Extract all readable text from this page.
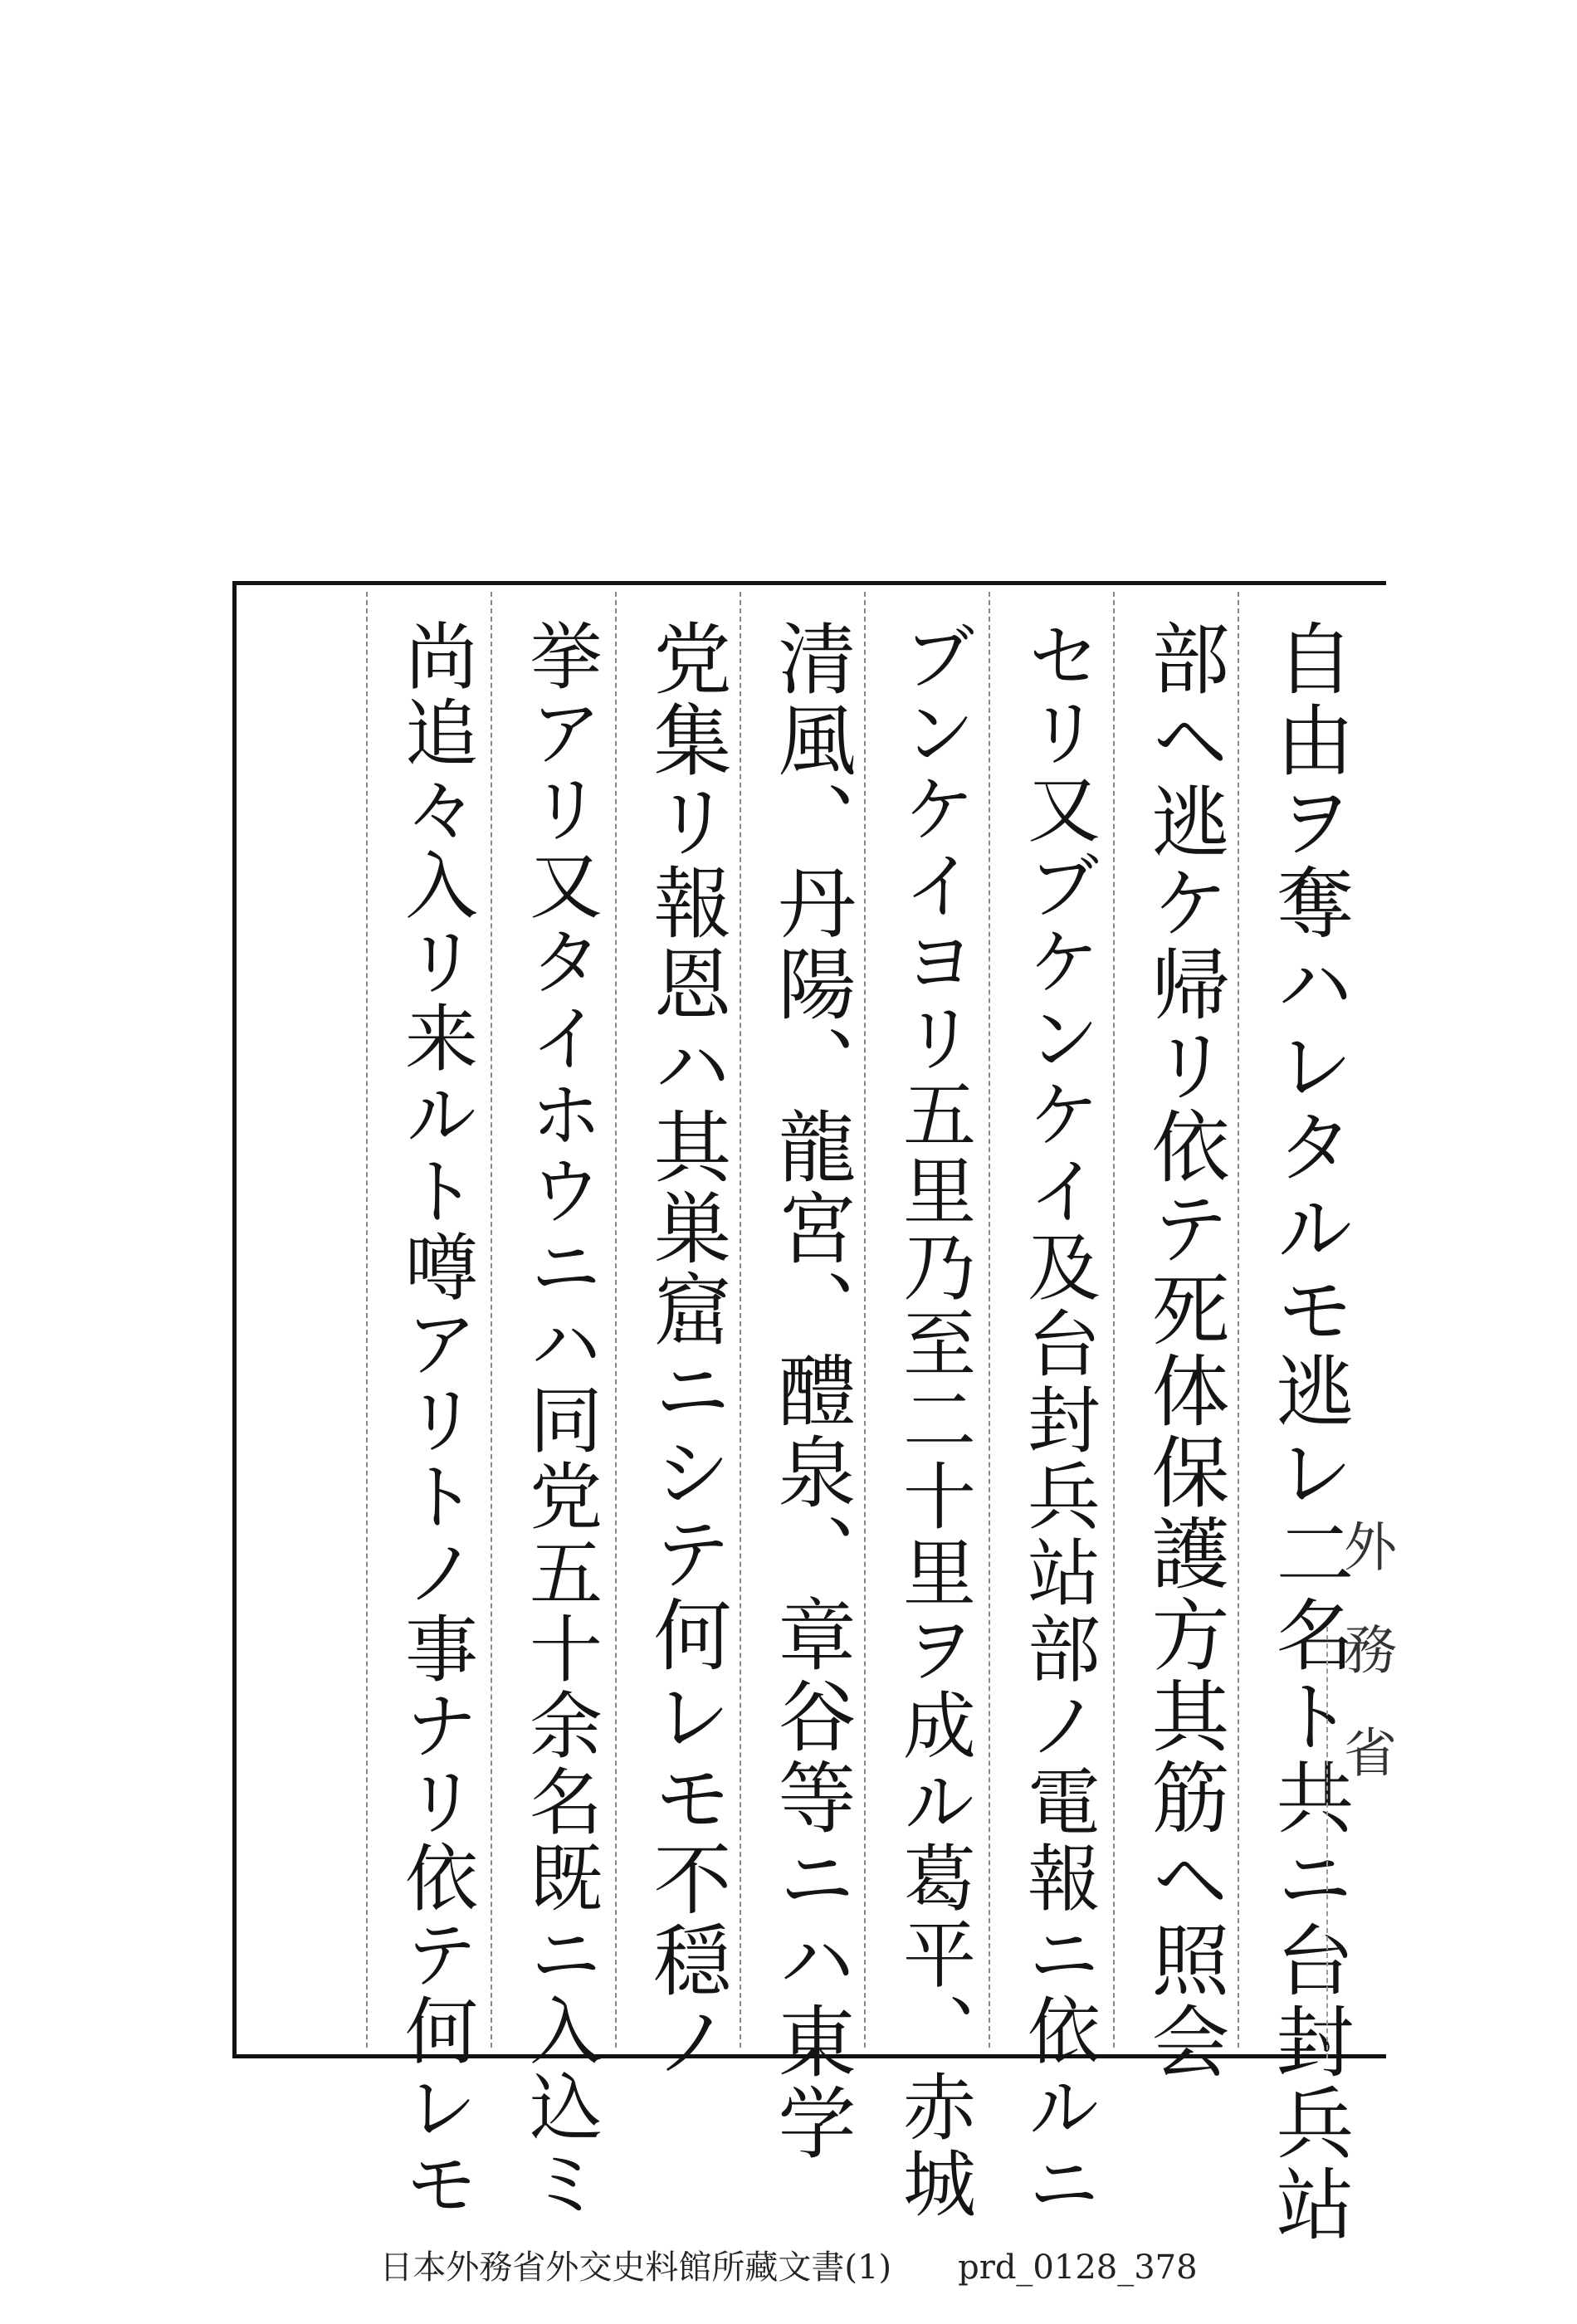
自由ヲ奪ハレタルモ逃レ二名ト共ニ台封兵站
部ヘ逃ケ帰リ依テ死体保護方其筋ヘ照会
セリ又ブケンケイ及台封兵站部ノ電報ニ依ルニ
ブンケイヨリ五里乃至二十里ヲ成ル葛平、赤城
清風、丹陽、龍宮、醴泉、章谷等ニハ東学
党集リ報恩ハ其巣窟ニシテ何レモ不穏ノ
挙アリ又タイホウニハ同党五十余名既ニ入込ミ
尚追々入リ来ルト噂アリトノ事ナリ依テ何レモ	外務省
日本外務省外交史料館所藏文書(1) prd_0128_378
